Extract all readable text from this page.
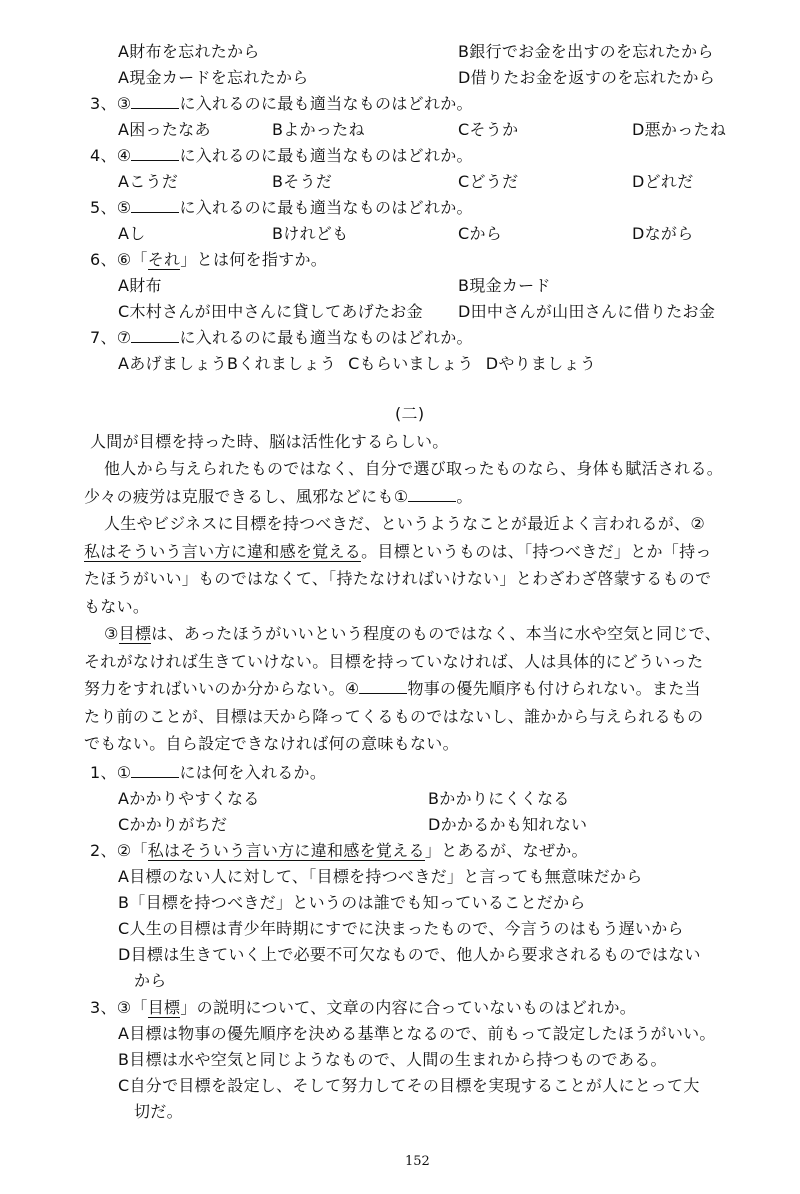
A財布を忘れたから	B銀行でお金を出すのを忘れたから
A現金カードを忘れたから	D借りたお金を返すのを忘れたから
3、③	に入れるのに最も適当なものはどれか。
A困ったなあ	Bよかったね	Cそうか	D悪かったね
4、④	に入れるのに最も適当なものはどれか。
Aこうだ	Bそうだ	Cどうだ	Dどれだ
5、⑤	に入れるのに最も適当なものはどれか。
Aし	Bけれども	Cから	Dながら
6、⑥「それ」とは何を指すか。
A財布	B現金カード
C木村さんが田中さんに貸してあげたお金 D田中さんが山田さんに借りたお金
7、⑦	に入れるのに最も適当なものはどれか。
AあげましょうBくれましょう Cもらいましょう Dやりましょう
(二)
人間が目標を持った時、脳は活性化するらしい。
他人から与えられたものではなく、自分で選び取ったものなら、身体も賦活される。
少々の疲労は克服できるし、風邪などにも①	。
人生やビジネスに目標を持つべきだ、というようなことが最近よく言われるが、②
私はそういう言い方に違和感を覚える。目標というものは、「持つべきだ」とか「持っ
たほうがいい」ものではなくて、「持たなければいけない」とわざわざ啓蒙するもので
もない。
③目標は、あったほうがいいという程度のものではなく、本当に水や空気と同じで、
それがなければ生きていけない。目標を持っていなければ、人は具体的にどういった
努力をすればいいのか分からない。④	物事の優先順序も付けられない。また当
たり前のことが、目標は天から降ってくるものではないし、誰かから与えられるもの
でもない。自ら設定できなければ何の意味もない。
1、①	には何を入れるか。
Aかかりやすくなる	Bかかりにくくなる
Cかかりがちだ	Dかかるかも知れない
2、②「私はそういう言い方に違和感を覚える」とあるが、なぜか。
A目標のない人に対して、「目標を持つべきだ」と言っても無意味だから
B「目標を持つべきだ」というのは誰でも知っていることだから
C人生の目標は青少年時期にすでに決まったもので、今言うのはもう遅いから
D目標は生きていく上で必要不可欠なもので、他人から要求されるものではない
から
3、③「目標」の説明について、文章の内容に合っていないものはどれか。
A目標は物事の優先順序を決める基準となるので、前もって設定したほうがいい。
B目標は水や空気と同じようなもので、人間の生まれから持つものである。
C自分で目標を設定し、そして努力してその目標を実現することが人にとって大
切だ。
152
